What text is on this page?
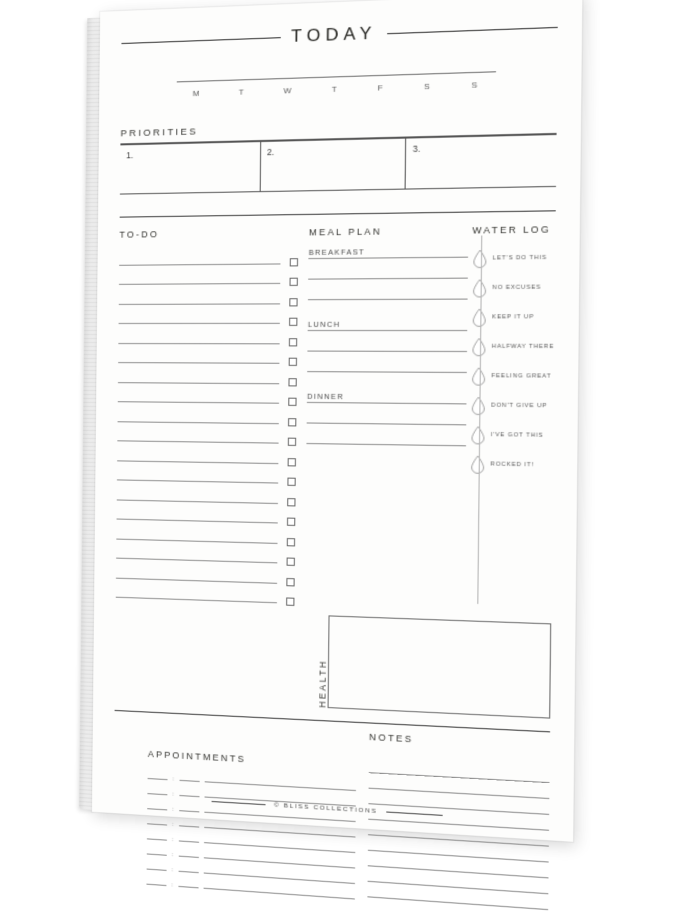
TODAY
M	T	W	T	F	S	S
PRIORITIES
1.	2.	3.
TO-DO	MEAL PLAN
BREAKFAST
LUNCH
DINNER
WATER LOG
LET'S DO THIS
NO EXCUSES
KEEP IT UP
HALFWAY THERE
FEELING GREAT
DON'T GIVE UP
I'VE GOT THIS
ROCKED IT!
HEALTH
NOTES
APPOINTMENTS
:
:
:
:
:
:
:
:
© BLISS COLLECTIONS
